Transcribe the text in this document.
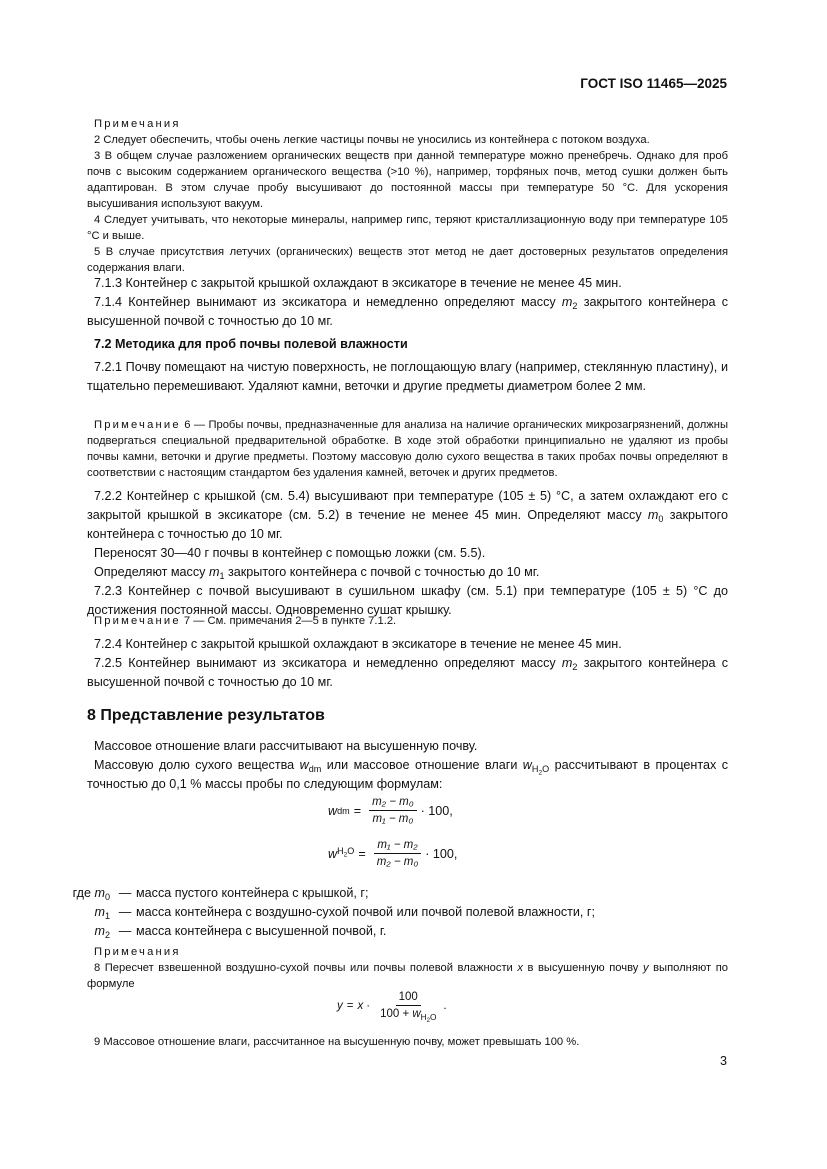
ГОСТ ISO 11465—2025

Примечания

2 Следует обеспечить, чтобы очень легкие частицы почвы не уносились из контейнера с потоком воздуха.

3 В общем случае разложением органических веществ при данной температуре можно пренебречь. Однако для проб почв с высоким содержанием органического вещества (>10 %), например, торфяных почв, метод сушки должен быть адаптирован. В этом случае пробу высушивают до постоянной массы при температуре 50 °С. Для ускорения высушивания используют вакуум.

4 Следует учитывать, что некоторые минералы, например гипс, теряют кристаллизационную воду при температуре 105 °С и выше.

5 В случае присутствия летучих (органических) веществ этот метод не дает достоверных результатов определения содержания влаги.

7.1.3 Контейнер с закрытой крышкой охлаждают в эксикаторе в течение не менее 45 мин.

7.1.4 Контейнер вынимают из эксикатора и немедленно определяют массу $m_2$ закрытого контейнера с высушенной почвой с точностью до 10 мг.

7.2 Методика для проб почвы полевой влажности

7.2.1 Почву помещают на чистую поверхность, не поглощающую влагу (например, стеклянную пластину), и тщательно перемешивают. Удаляют камни, веточки и другие предметы диаметром более 2 мм.

Примечание 6 — Пробы почвы, предназначенные для анализа на наличие органических микрозагрязнений, должны подвергаться специальной предварительной обработке. В ходе этой обработки принципиально не удаляют из пробы почвы камни, веточки и другие предметы. Поэтому массовую долю сухого вещества в таких пробах почвы определяют в соответствии с настоящим стандартом без удаления камней, веточек и других предметов.

7.2.2 Контейнер с крышкой (см. 5.4) высушивают при температуре (105 ± 5) °С, а затем охлаждают его с закрытой крышкой в эксикаторе (см. 5.2) в течение не менее 45 мин. Определяют массу $m_0$ закрытого контейнера с точностью до 10 мг.

Переносят 30—40 г почвы в контейнер с помощью ложки (см. 5.5).

Определяют массу $m_1$ закрытого контейнера с почвой с точностью до 10 мг.

7.2.3 Контейнер с почвой высушивают в сушильном шкафу (см. 5.1) при температуре (105 ± 5) °С до достижения постоянной массы. Одновременно сушат крышку.

Примечание 7 — См. примечания 2—5 в пункте 7.1.2.

7.2.4 Контейнер с закрытой крышкой охлаждают в эксикаторе в течение не менее 45 мин.

7.2.5 Контейнер вынимают из эксикатора и немедленно определяют массу $m_2$ закрытого контейнера с высушенной почвой с точностью до 10 мг.

8 Представление результатов

Массовое отношение влаги рассчитывают на высушенную почву.

Массовую долю сухого вещества $w_{dm}$ или массовое отношение влаги $w_{H_2O}$ рассчитывают в процентах с точностью до 0,1 % массы пробы по следующим формулам:

w dm = $\frac{\text{m₂ − m₀}}{\text{m₁ − m₀}} \cdot 100$,
w $H_2O = \frac{\text{m₁ − m₂}}{\text{m₂ − m₀}} \cdot 100$,
где $m_0$ — масса пустого контейнера с крышкой, г;
$m_1$ — масса контейнера с воздушно-сухой почвой или почвой полевой влажности, г;
$m_2$ — масса контейнера с высушенной почвой, г.

Примечания

8 Пересчет взвешенной воздушно-сухой почвы или почвы полевой влажности x в высушенную почву y выполняют по формуле

$y = x \cdot \frac{100}{100 + w_{H_2O}}$ .

9 Массовое отношение влаги, рассчитанное на высушенную почву, может превышать 100 %.

3
